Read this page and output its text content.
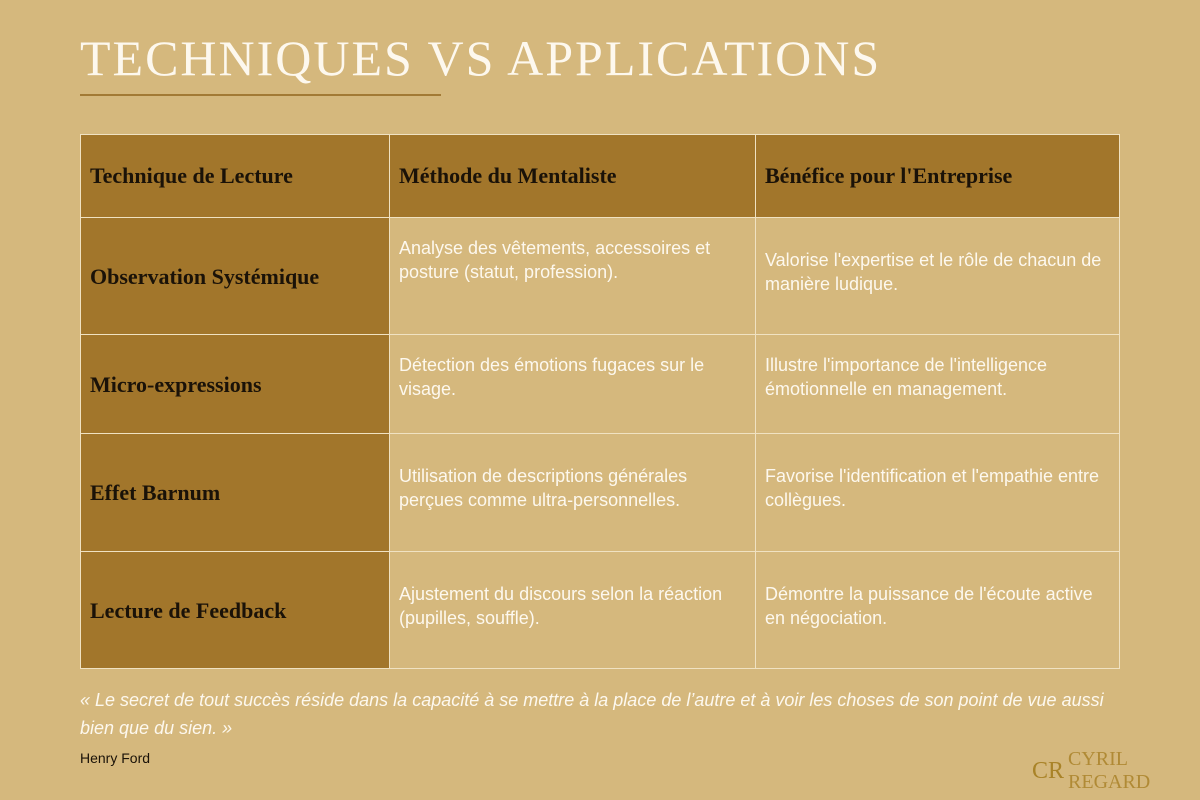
TECHNIQUES VS APPLICATIONS
Technique de Lecture	Méthode du Mentaliste	Bénéfice pour l'Entreprise
Observation Systémique	Analyse des vêtements, accessoires et posture (statut, profession).	Valorise l'expertise et le rôle de chacun de manière ludique.
Micro-expressions	Détection des émotions fugaces sur le visage.	Illustre l'importance de l'intelligence émotionnelle en management.
Effet Barnum	Utilisation de descriptions générales perçues comme ultra-personnelles.	Favorise l'identification et l'empathie entre collègues.
Lecture de Feedback	Ajustement du discours selon la réaction (pupilles, souffle).	Démontre la puissance de l'écoute active en négociation.

« Le secret de tout succès réside dans la capacité à se mettre à la place de l’autre et à voir les choses de son point de vue aussi bien que du sien. »

Henry Ford	CR CYRIL REGARD
